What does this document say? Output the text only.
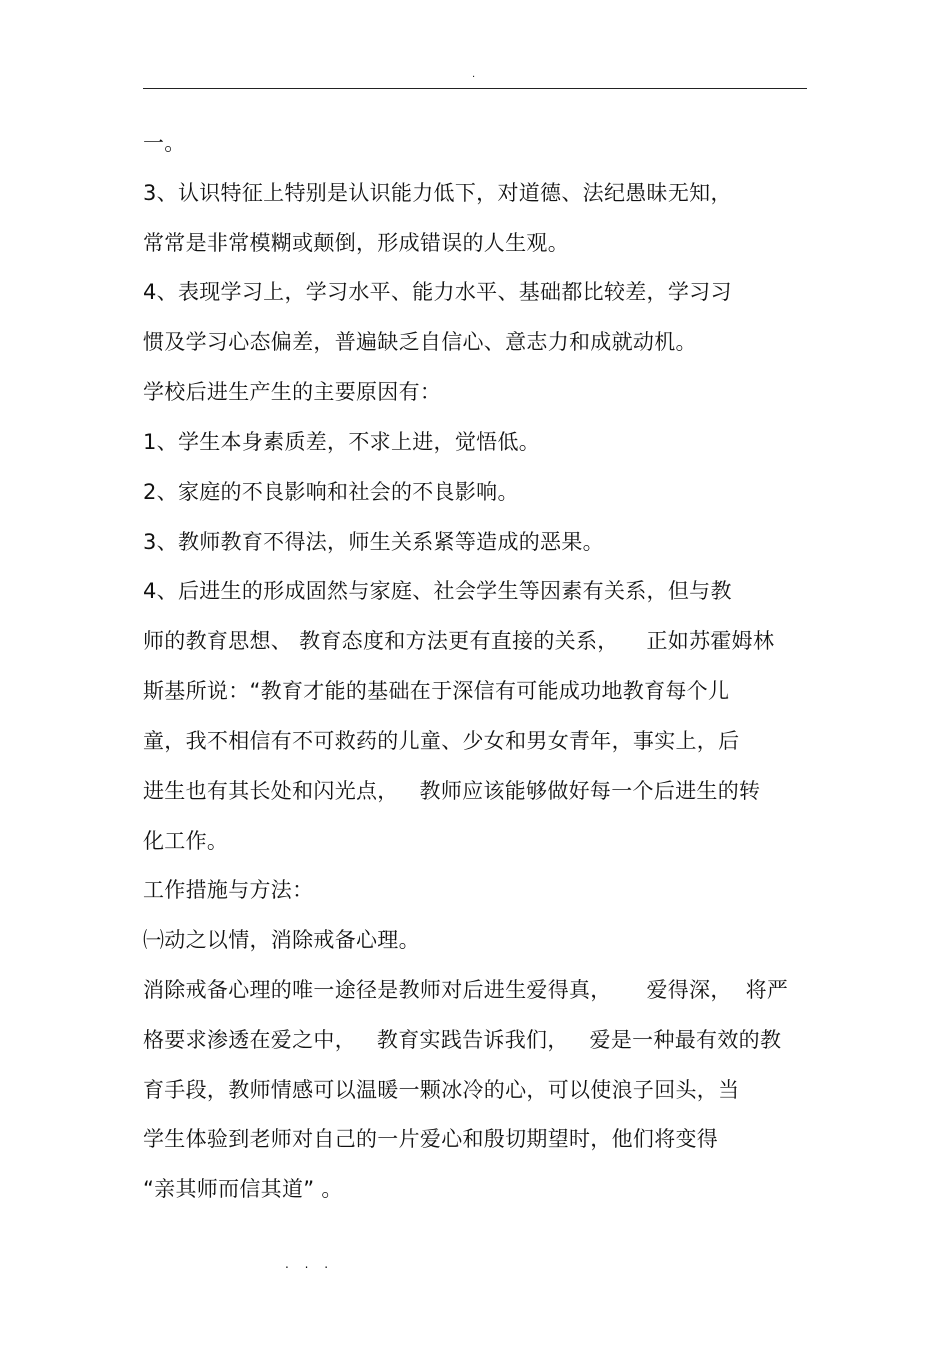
.
一。
3、认识特征上特别是认识能力低下，对道德、法纪愚昧无知，
常常是非常模糊或颠倒，形成错误的人生观。
4、表现学习上，学习水平、能力水平、基础都比较差，学习习
惯及学习心态偏差，普遍缺乏自信心、意志力和成就动机。
学校后进生产生的主要原因有：
1、学生本身素质差，不求上进，觉悟低。
2、家庭的不良影响和社会的不良影响。
3、教师教育不得法，师生关系紧等造成的恶果。
4、后进生的形成固然与家庭、社会学生等因素有关系，但与教
师的教育思想、 教育态度和方法更有直接的关系，    正如苏霍姆林
斯基所说：“教育才能的基础在于深信有可能成功地教育每个儿
童，我不相信有不可救药的儿童、少女和男女青年，事实上，后
进生也有其长处和闪光点，   教师应该能够做好每一个后进生的转
化工作。
工作措施与方法：
㈠动之以情，消除戒备心理。
消除戒备心理的唯一途径是教师对后进生爱得真，     爱得深，  将严
格要求渗透在爱之中，   教育实践告诉我们，   爱是一种最有效的教
育手段，教师情感可以温暖一颗冰冷的心，可以使浪子回头，当
学生体验到老师对自己的一片爱心和殷切期望时，他们将变得
“亲其师而信其道” 。
. . .
